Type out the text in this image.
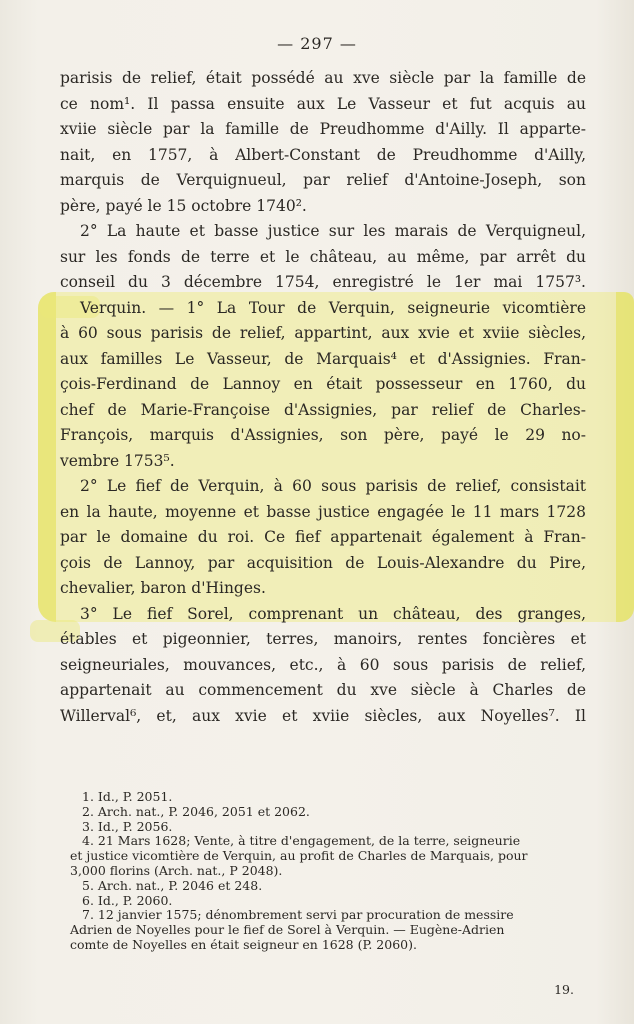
— 297 —
parisis de relief, était possédé au xve siècle par la famille de
ce nom¹. Il passa ensuite aux Le Vasseur et fut acquis au
xviie siècle par la famille de Preudhomme d'Ailly. Il apparte-
nait, en 1757, à Albert-Constant de Preudhomme d'Ailly,
marquis de Verquignueul, par relief d'Antoine-Joseph, son
père, payé le 15 octobre 1740².
2° La haute et basse justice sur les marais de Verquigneul,
sur les fonds de terre et le château, au même, par arrêt du
conseil du 3 décembre 1754, enregistré le 1er mai 1757³.
Verquin. — 1° La Tour de Verquin, seigneurie vicomtière
à 60 sous parisis de relief, appartint, aux xvie et xviie siècles,
aux familles Le Vasseur, de Marquais⁴ et d'Assignies. Fran-
çois-Ferdinand de Lannoy en était possesseur en 1760, du
chef de Marie-Françoise d'Assignies, par relief de Charles-
François, marquis d'Assignies, son père, payé le 29 no-
vembre 1753⁵.
2° Le fief de Verquin, à 60 sous parisis de relief, consistait
en la haute, moyenne et basse justice engagée le 11 mars 1728
par le domaine du roi. Ce fief appartenait également à Fran-
çois de Lannoy, par acquisition de Louis-Alexandre du Pire,
chevalier, baron d'Hinges.
3° Le fief Sorel, comprenant un château, des granges,
étables et pigeonnier, terres, manoirs, rentes foncières et
seigneuriales, mouvances, etc., à 60 sous parisis de relief,
appartenait au commencement du xve siècle à Charles de
Willerval⁶, et, aux xvie et xviie siècles, aux Noyelles⁷. Il
1. Id., P. 2051.
2. Arch. nat., P. 2046, 2051 et 2062.
3. Id., P. 2056.
4. 21 Mars 1628; Vente, à titre d'engagement, de la terre, seigneurie
et justice vicomtière de Verquin, au profit de Charles de Marquais, pour
3,000 florins (Arch. nat., P 2048).
5. Arch. nat., P. 2046 et 248.
6. Id., P. 2060.
7. 12 janvier 1575; dénombrement servi par procuration de messire
Adrien de Noyelles pour le fief de Sorel à Verquin. — Eugène-Adrien
comte de Noyelles en était seigneur en 1628 (P. 2060).
19.
